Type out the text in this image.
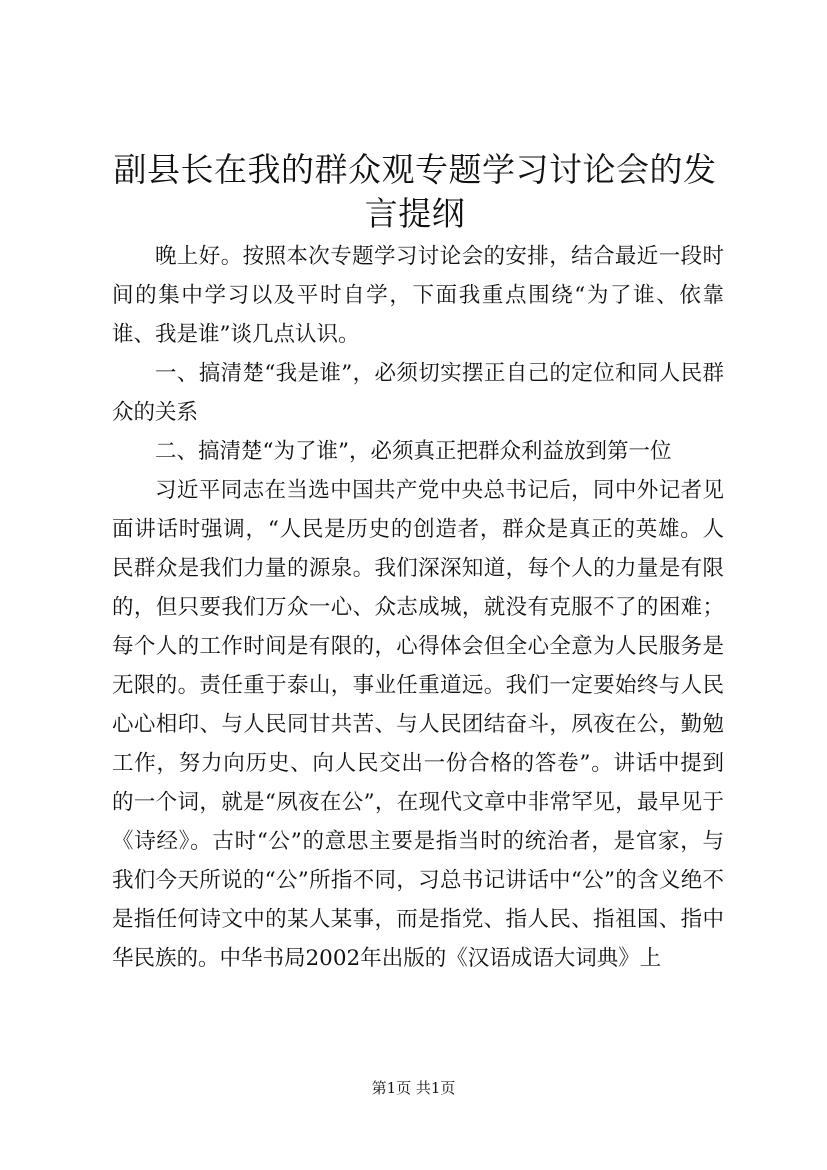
副县长在我的群众观专题学习讨论会的发言提纲

晚上好。按照本次专题学习讨论会的安排，结合最近一段时间的集中学习以及平时自学，下面我重点围绕“为了谁、依靠谁、我是谁”谈几点认识。

一、搞清楚“我是谁”，必须切实摆正自己的定位和同人民群众的关系

二、搞清楚“为了谁”，必须真正把群众利益放到第一位

习近平同志在当选中国共产党中央总书记后，同中外记者见面讲话时强调，“人民是历史的创造者，群众是真正的英雄。人民群众是我们力量的源泉。我们深深知道，每个人的力量是有限的，但只要我们万众一心、众志成城，就没有克服不了的困难；每个人的工作时间是有限的，心得体会但全心全意为人民服务是无限的。责任重于泰山，事业任重道远。我们一定要始终与人民心心相印、与人民同甘共苦、与人民团结奋斗，夙夜在公，勤勉工作，努力向历史、向人民交出一份合格的答卷”。讲话中提到的一个词，就是“夙夜在公”，在现代文章中非常罕见，最早见于《诗经》。古时“公”的意思主要是指当时的统治者，是官家，与我们今天所说的“公”所指不同，习总书记讲话中“公”的含义绝不是指任何诗文中的某人某事，而是指党、指人民、指祖国、指中华民族的。中华书局2002年出版的《汉语成语大词典》上

第1页 共1页
